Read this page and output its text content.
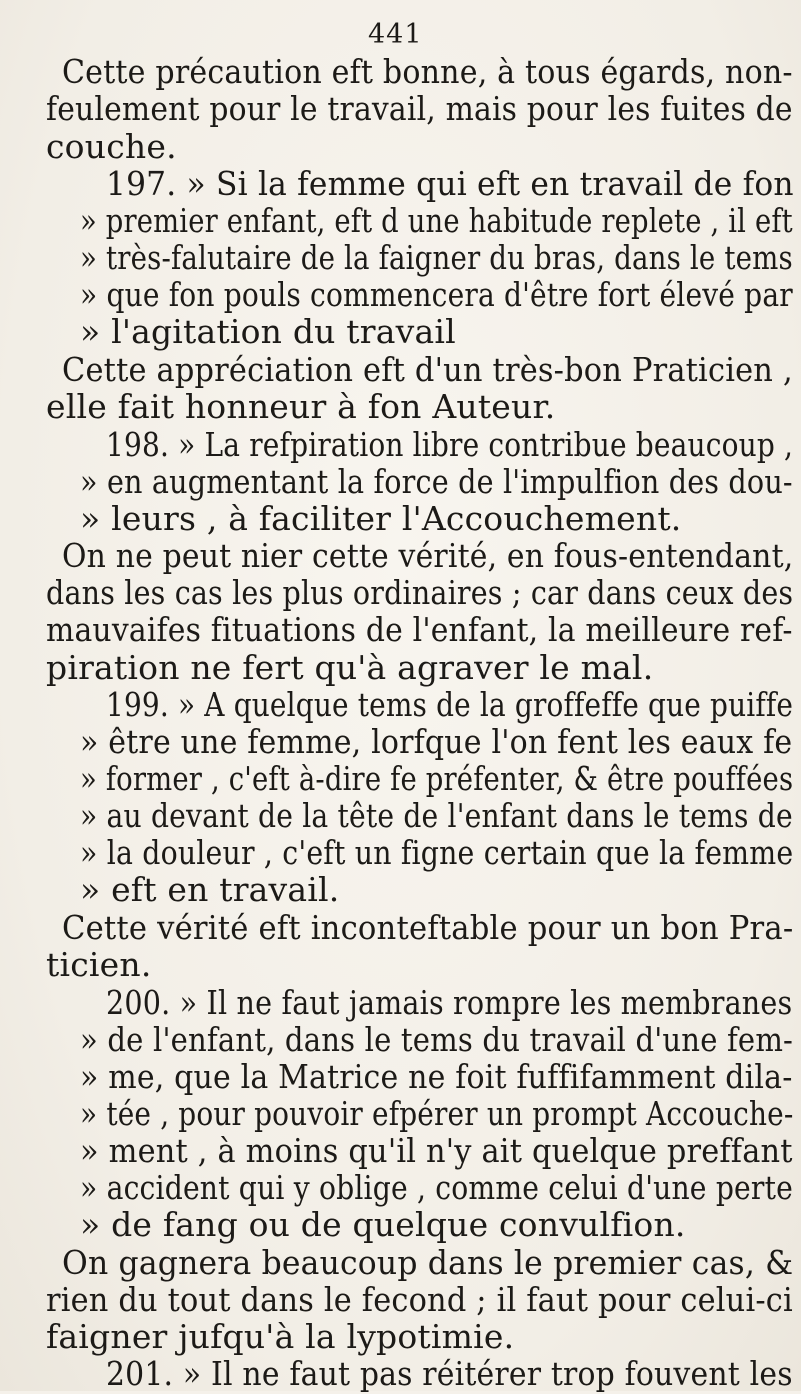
441
Cette précaution eft bonne, à tous égards, non-
feulement pour le travail, mais pour les fuites de
couche.
197. » Si la femme qui eft en travail de fon
» premier enfant, eft d une habitude replete , il eft
» très-falutaire de la faigner du bras, dans le tems
» que fon pouls commencera d'être fort élevé par
» l'agitation du travail
Cette appréciation eft d'un très-bon Praticien ,
elle fait honneur à fon Auteur.
198. » La refpiration libre contribue beaucoup ,
» en augmentant la force de l'impulfion des dou-
» leurs , à faciliter l'Accouchement.
On ne peut nier cette vérité, en fous-entendant,
dans les cas les plus ordinaires ; car dans ceux des
mauvaifes fituations de l'enfant, la meilleure ref-
piration ne fert qu'à agraver le mal.
199. » A quelque tems de la groffeffe que puiffe
» être une femme, lorfque l'on fent les eaux fe
» former , c'eft à-dire fe préfenter, & être pouffées
» au devant de la tête de l'enfant dans le tems de
» la douleur , c'eft un figne certain que la femme
» eft en travail.
Cette vérité eft inconteftable pour un bon Pra-
ticien.
200. » Il ne faut jamais rompre les membranes
» de l'enfant, dans le tems du travail d'une fem-
» me, que la Matrice ne foit fuffifamment dila-
» tée , pour pouvoir efpérer un prompt Accouche-
» ment , à moins qu'il n'y ait quelque preffant
» accident qui y oblige , comme celui d'une perte
» de fang ou de quelque convulfion.
On gagnera beaucoup dans le premier cas, &
rien du tout dans le fecond ; il faut pour celui-ci
faigner jufqu'à la lypotimie.
201. » Il ne faut pas réitérer trop fouvent les
